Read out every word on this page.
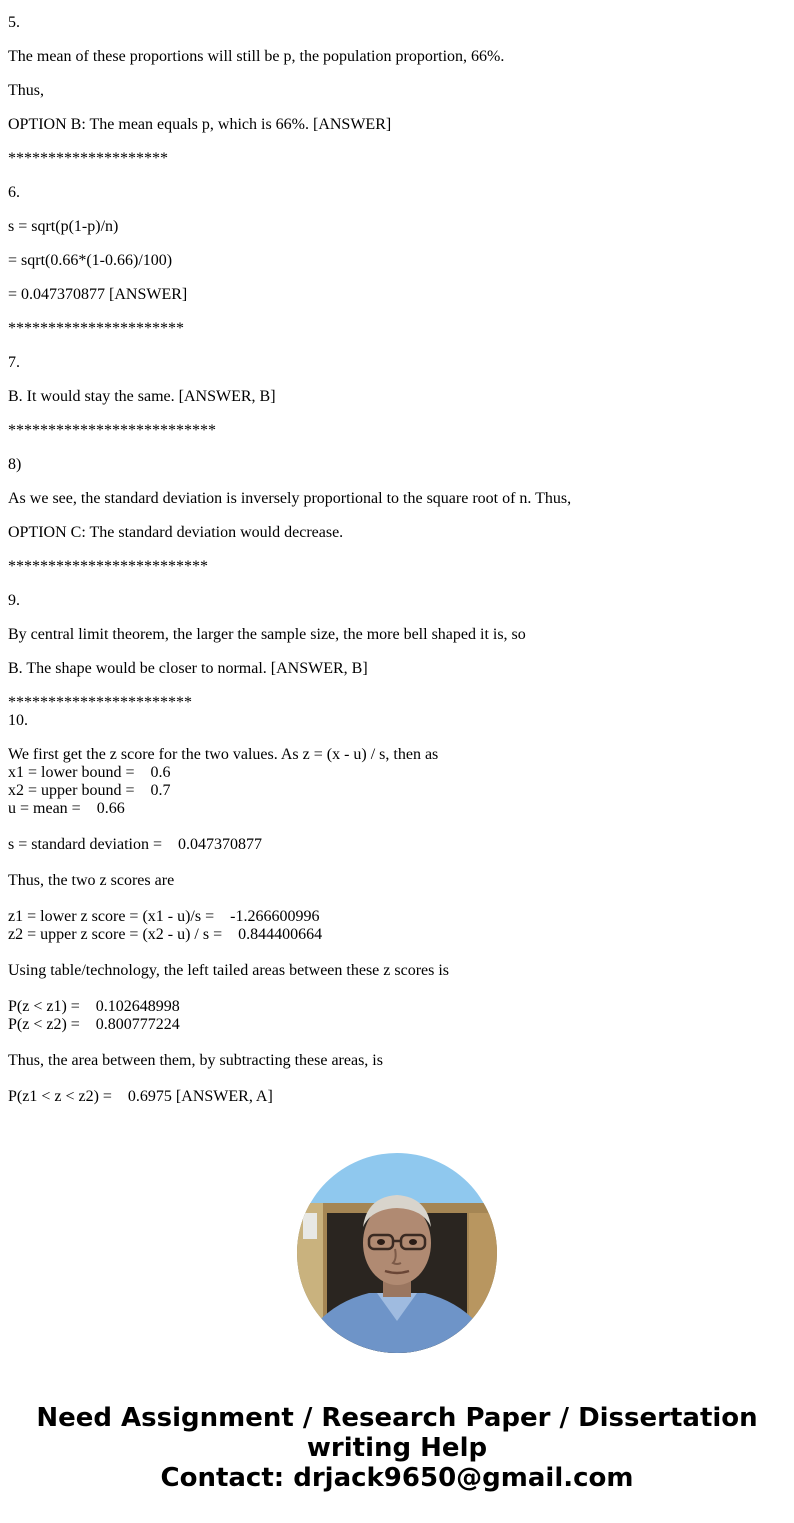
5.
The mean of these proportions will still be p, the population proportion, 66%.
Thus,
OPTION B: The mean equals p, which is 66%. [ANSWER]
********************
6.
s = sqrt(p(1-p)/n)
= sqrt(0.66*(1-0.66)/100)
= 0.047370877 [ANSWER]
**********************
7.
B. It would stay the same. [ANSWER, B]
**************************
8)
As we see, the standard deviation is inversely proportional to the square root of n. Thus,
OPTION C: The standard deviation would decrease.
*************************
9.
By central limit theorem, the larger the sample size, the more bell shaped it is, so
B. The shape would be closer to normal. [ANSWER, B]
***********************
10.
We first get the z score for the two values. As z = (x - u) / s, then as
x1 = lower bound =    0.6
x2 = upper bound =    0.7
u = mean =    0.66
s = standard deviation =    0.047370877
Thus, the two z scores are
z1 = lower z score = (x1 - u)/s =    -1.266600996
z2 = upper z score = (x2 - u) / s =    0.844400664
Using table/technology, the left tailed areas between these z scores is
P(z < z1) =    0.102648998
P(z < z2) =    0.800777224
Thus, the area between them, by subtracting these areas, is
P(z1 < z < z2) =    0.6975 [ANSWER, A]
Need Assignment / Research Paper / Dissertation
writing Help
Contact: drjack9650@gmail.com
